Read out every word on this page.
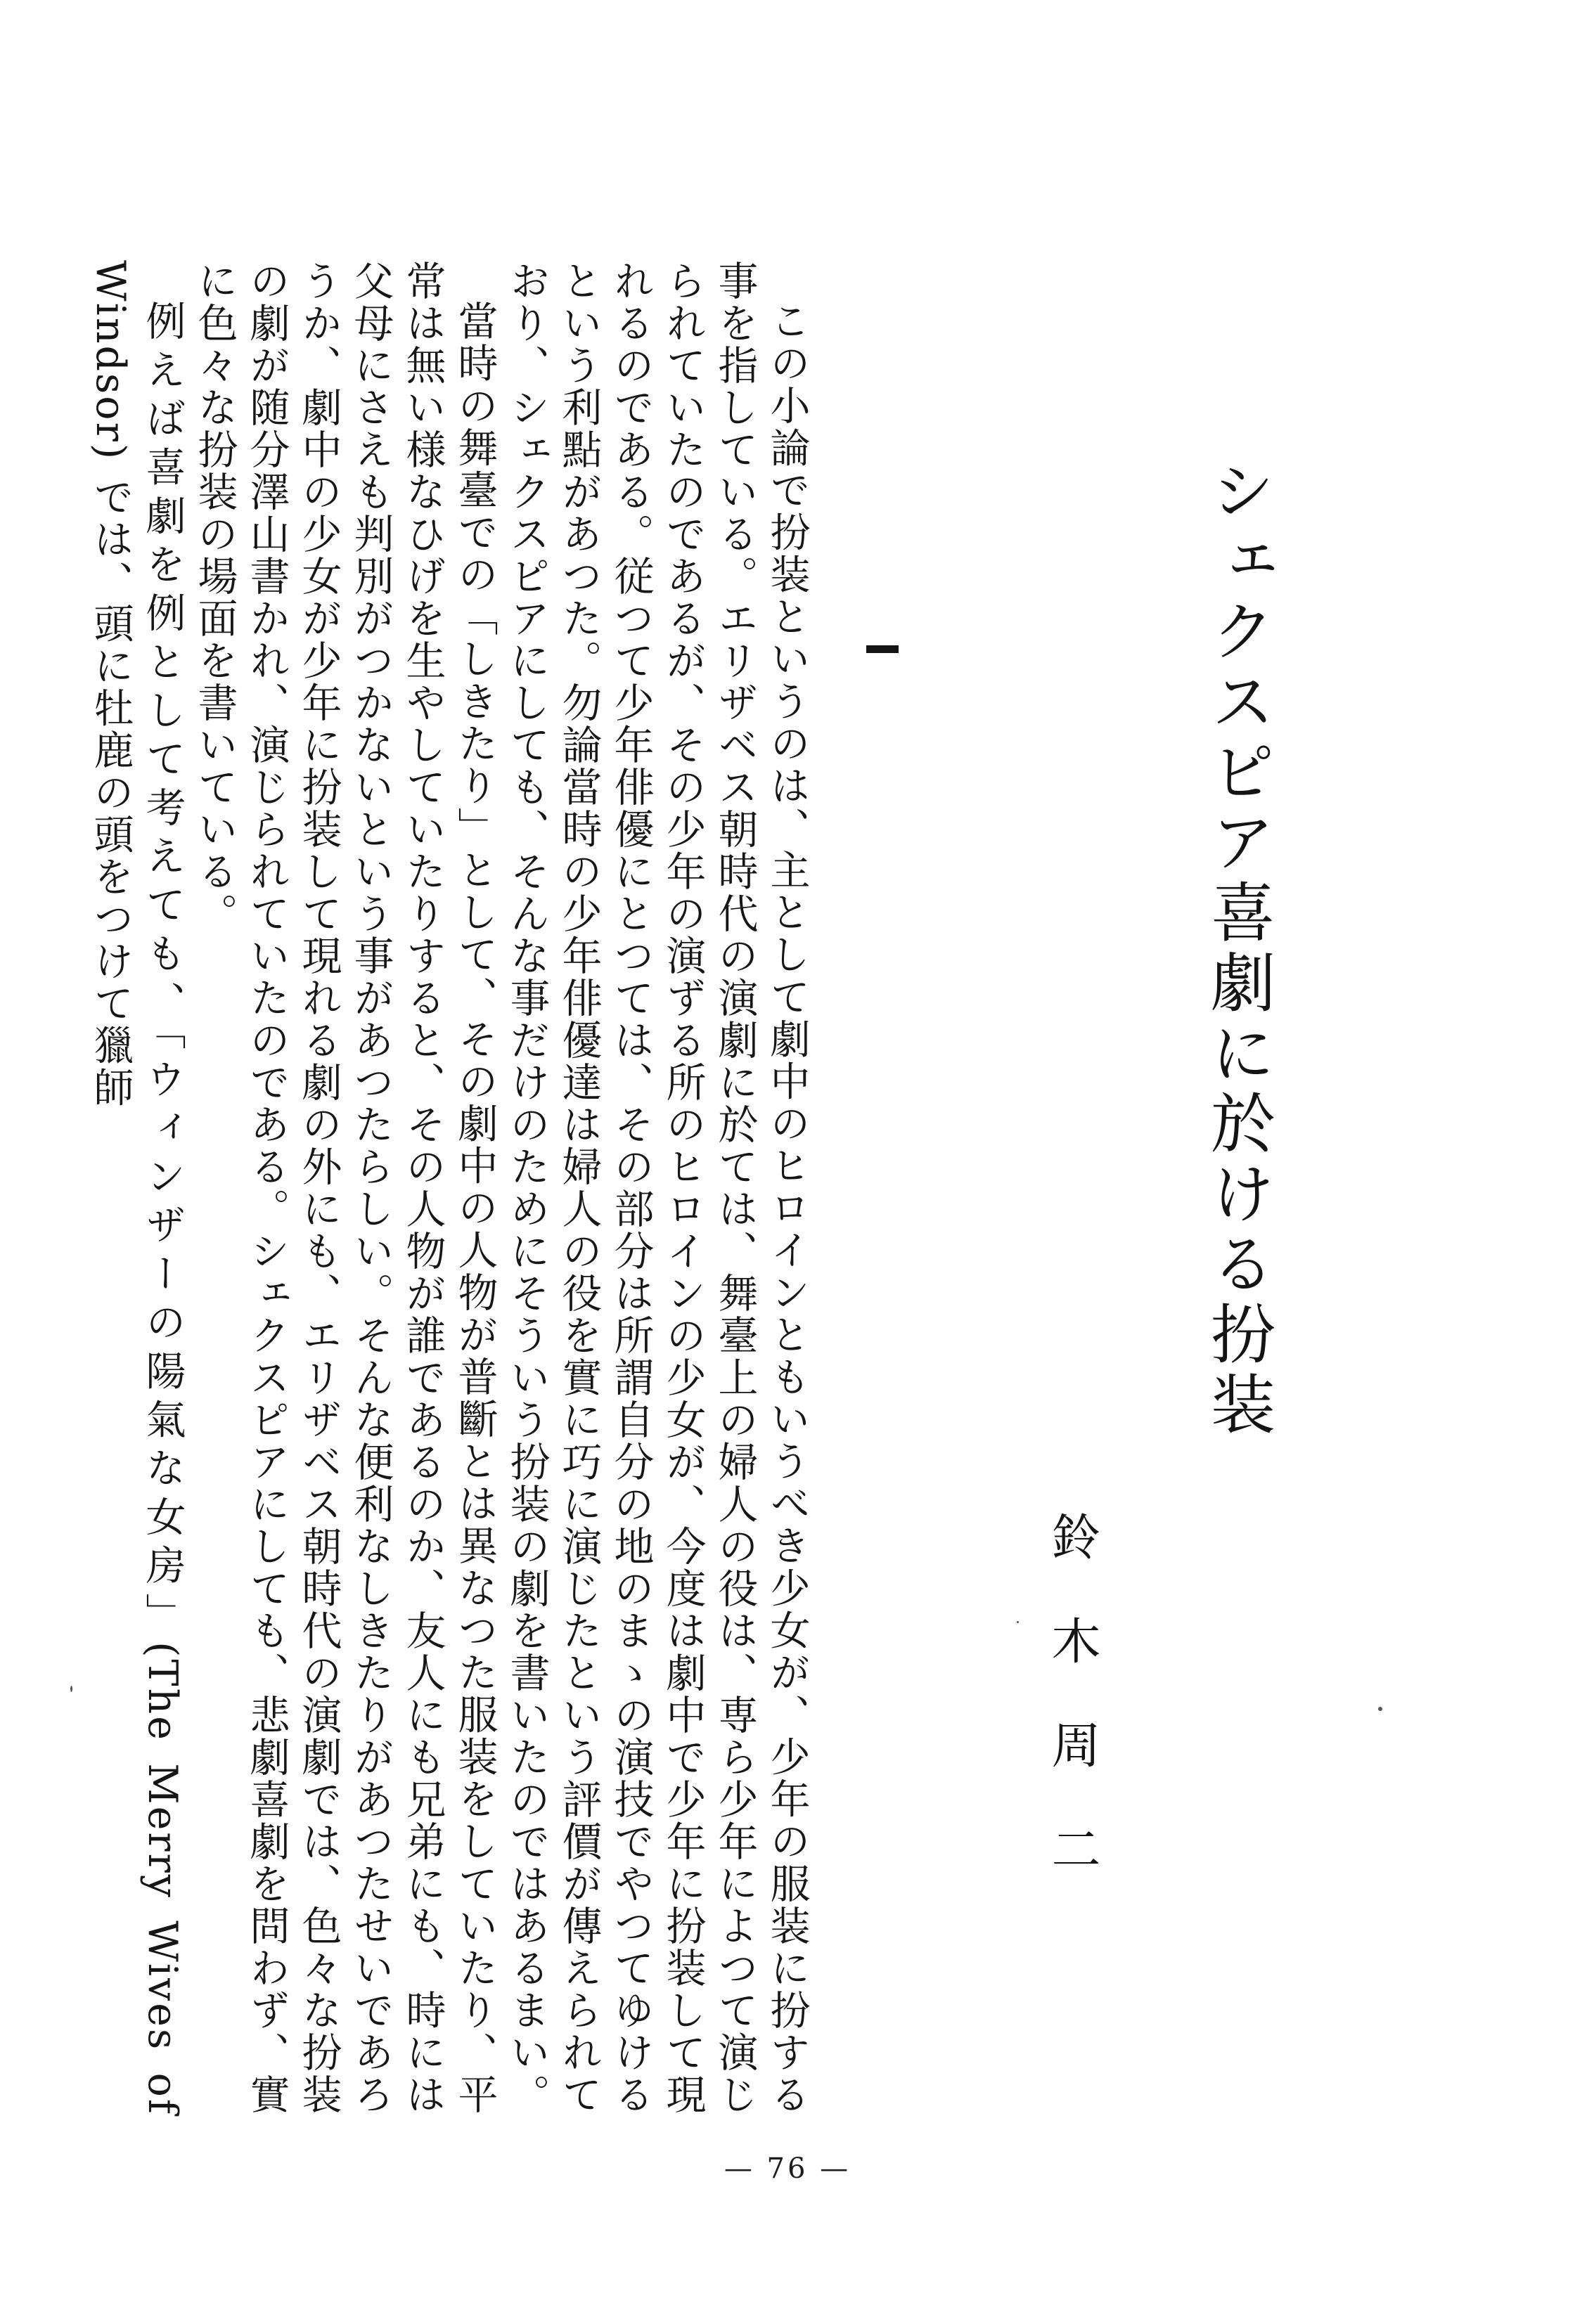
シェクスピア喜劇に於ける扮装
鈴木周二

この小論で扮装というのは、主として劇中のヒロインともいうべき少女が、少年の服装に扮する事を指している。エリザベス朝時代の演劇に於ては、舞臺上の婦人の役は、専ら少年によつて演じられていたのであるが、その少年の演ずる所のヒロインの少女が、今度は劇中で少年に扮装して現れるのである。従つて少年俳優にとつては、その部分は所謂自分の地のまゝの演技でやつてゆけるという利點があつた。勿論當時の少年俳優達は婦人の役を實に巧に演じたという評價が傳えられており、シェクスピアにしても、そんな事だけのためにそういう扮装の劇を書いたのではあるまい。

當時の舞臺での「しきたり」として、その劇中の人物が普斷とは異なつた服装をしていたり、平常は無い様なひげを生やしていたりすると、その人物が誰であるのか、友人にも兄弟にも、時には父母にさえも判別がつかないという事があつたらしい。そんな便利なしきたりがあつたせいであろうか、劇中の少女が少年に扮装して現れる劇の外にも、エリザベス朝時代の演劇では、色々な扮装の劇が随分澤山書かれ、演じられていたのである。シェクスピアにしても、悲劇喜劇を問わず、實に色々な扮装の場面を書いている。

例えば喜劇を例として考えても、「ウィンザーの陽氣な女房」(The Merry Wives of Windsor) では、頭に牡鹿の頭をつけて獵師

— 76 —
